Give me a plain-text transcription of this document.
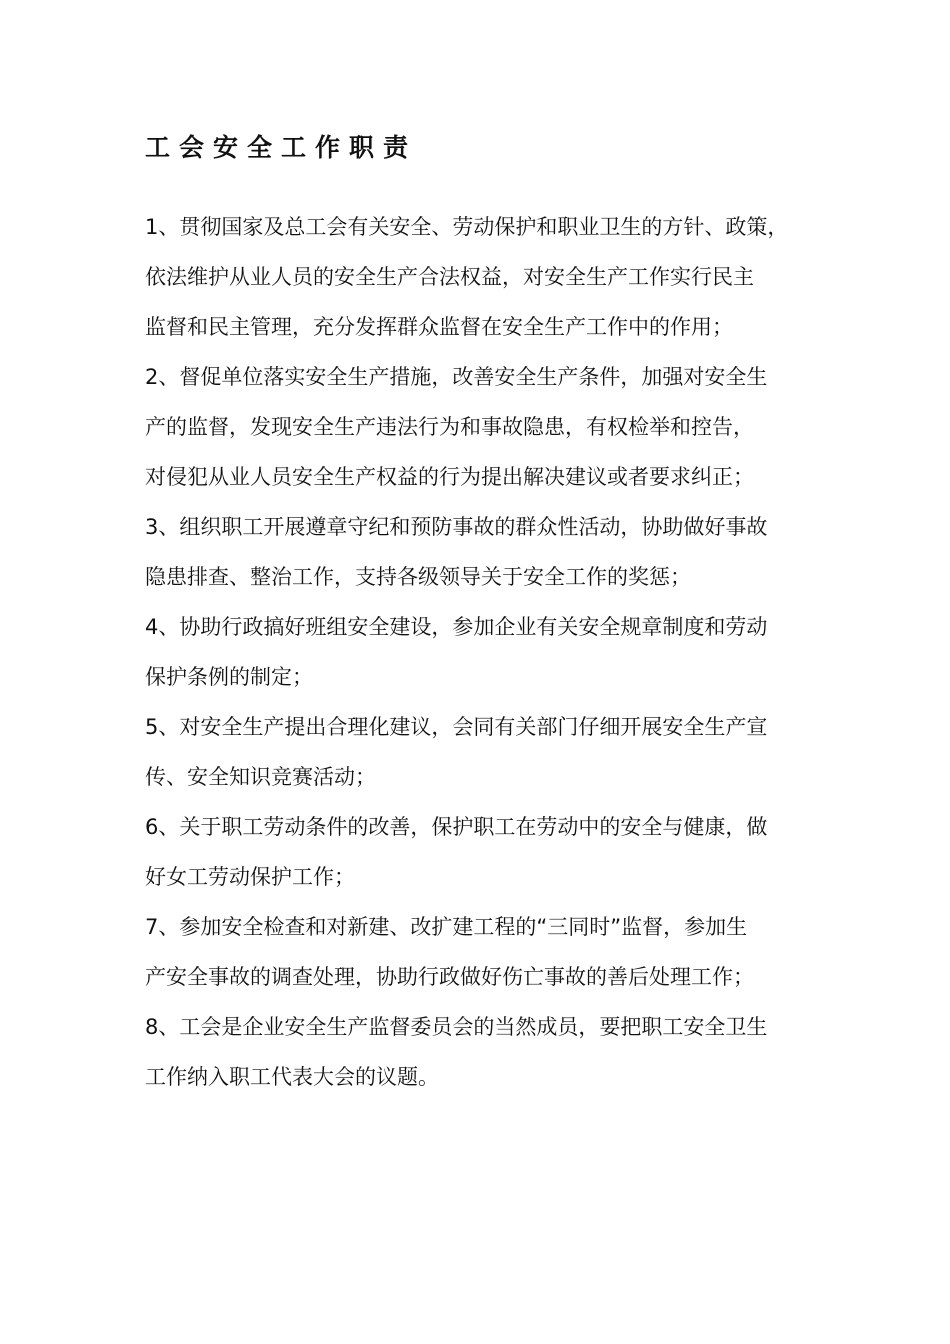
工会安全工作职责
1、贯彻国家及总工会有关安全、劳动保护和职业卫生的方针、政策，
依法维护从业人员的安全生产合法权益，对安全生产工作实行民主
监督和民主管理，充分发挥群众监督在安全生产工作中的作用；
2、督促单位落实安全生产措施，改善安全生产条件，加强对安全生
产的监督，发现安全生产违法行为和事故隐患，有权检举和控告，
对侵犯从业人员安全生产权益的行为提出解决建议或者要求纠正；
3、组织职工开展遵章守纪和预防事故的群众性活动，协助做好事故
隐患排查、整治工作，支持各级领导关于安全工作的奖惩；
4、协助行政搞好班组安全建设，参加企业有关安全规章制度和劳动
保护条例的制定；
5、对安全生产提出合理化建议，会同有关部门仔细开展安全生产宣
传、安全知识竞赛活动；
6、关于职工劳动条件的改善，保护职工在劳动中的安全与健康，做
好女工劳动保护工作；
7、参加安全检查和对新建、改扩建工程的“三同时”监督，参加生
产安全事故的调查处理，协助行政做好伤亡事故的善后处理工作；
8、工会是企业安全生产监督委员会的当然成员，要把职工安全卫生
工作纳入职工代表大会的议题。
